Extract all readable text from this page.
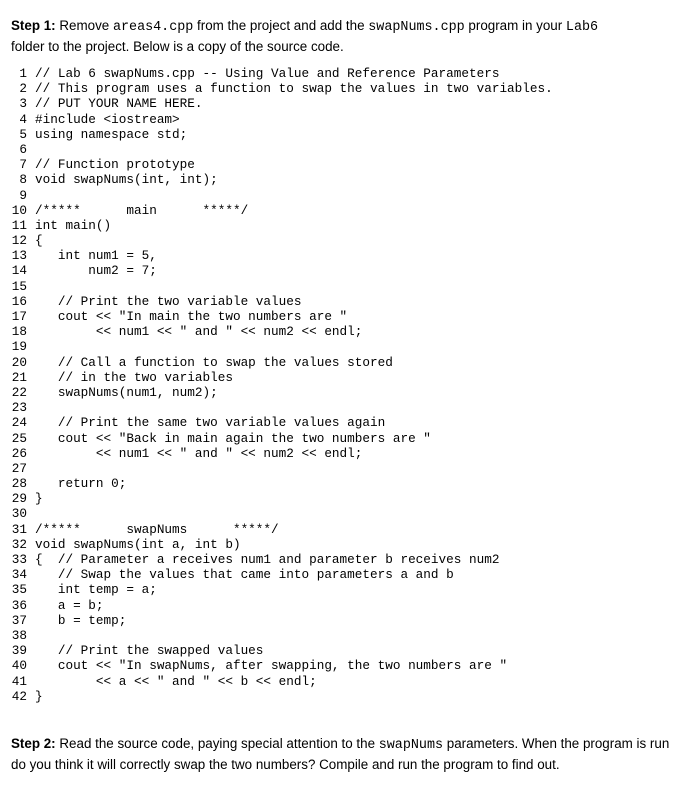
Step 1: Remove areas4.cpp from the project and add the swapNums.cpp program in your Lab6
folder to the project. Below is a copy of the source code.
1 // Lab 6 swapNums.cpp -- Using Value and Reference Parameters
2 // This program uses a function to swap the values in two variables.
3 // PUT YOUR NAME HERE.
4 #include <iostream>
5 using namespace std;
6
7 // Function prototype
8 void swapNums(int, int);
9
10 /*****      main      *****/
11 int main()
12 {
13   int num1 = 5,
14       num2 = 7;
15
16   // Print the two variable values
17   cout << "In main the two numbers are "
18        << num1 << " and " << num2 << endl;
19
20   // Call a function to swap the values stored
21   // in the two variables
22   swapNums(num1, num2);
23
24   // Print the same two variable values again
25   cout << "Back in main again the two numbers are "
26        << num1 << " and " << num2 << endl;
27
28   return 0;
29 }
30
31 /*****      swapNums      *****/
32 void swapNums(int a, int b)
33 {  // Parameter a receives num1 and parameter b receives num2
34   // Swap the values that came into parameters a and b
35   int temp = a;
36   a = b;
37   b = temp;
38
39   // Print the swapped values
40   cout << "In swapNums, after swapping, the two numbers are "
41        << a << " and " << b << endl;
42 }
Step 2: Read the source code, paying special attention to the swapNums parameters. When the program is run do you think it will correctly swap the two numbers? Compile and run the program to find out.
